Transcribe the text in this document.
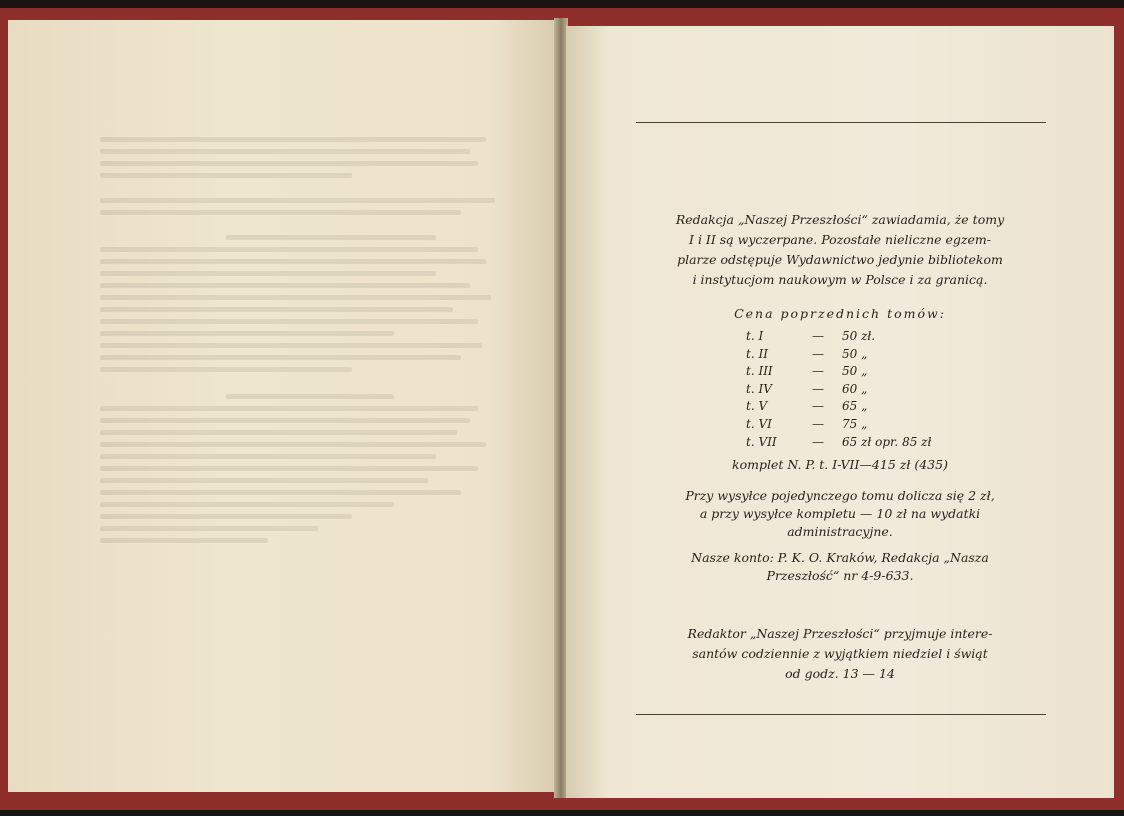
Redakcja „Naszej Przeszłości“ zawiadamia, że tomy
I i II są wyczerpane. Pozostałe nieliczne egzem-
plarze odstępuje Wydawnictwo jedynie bibliotekom
i instytucjom naukowym w Polsce i za granicą.

Cena poprzednich tomów:
t. I	—	50 zł.
t. II	—	50 „
t. III	—	50 „
t. IV	—	60 „
t. V	—	65 „
t. VI	—	75 „
t. VII	—	65 zł opr. 85 zł
komplet N. P. t. I-VII—415 zł (435)
Przy wysyłce pojedynczego tomu dolicza się 2 zł,
a przy wysyłce kompletu — 10 zł na wydatki
administracyjne.
Nasze konto: P. K. O. Kraków, Redakcja „Nasza
Przeszłość“ nr 4-9-633.
Redaktor „Naszej Przeszłości“ przyjmuje intere-
santów codziennie z wyjątkiem niedziel i świąt
od godz. 13 — 14
